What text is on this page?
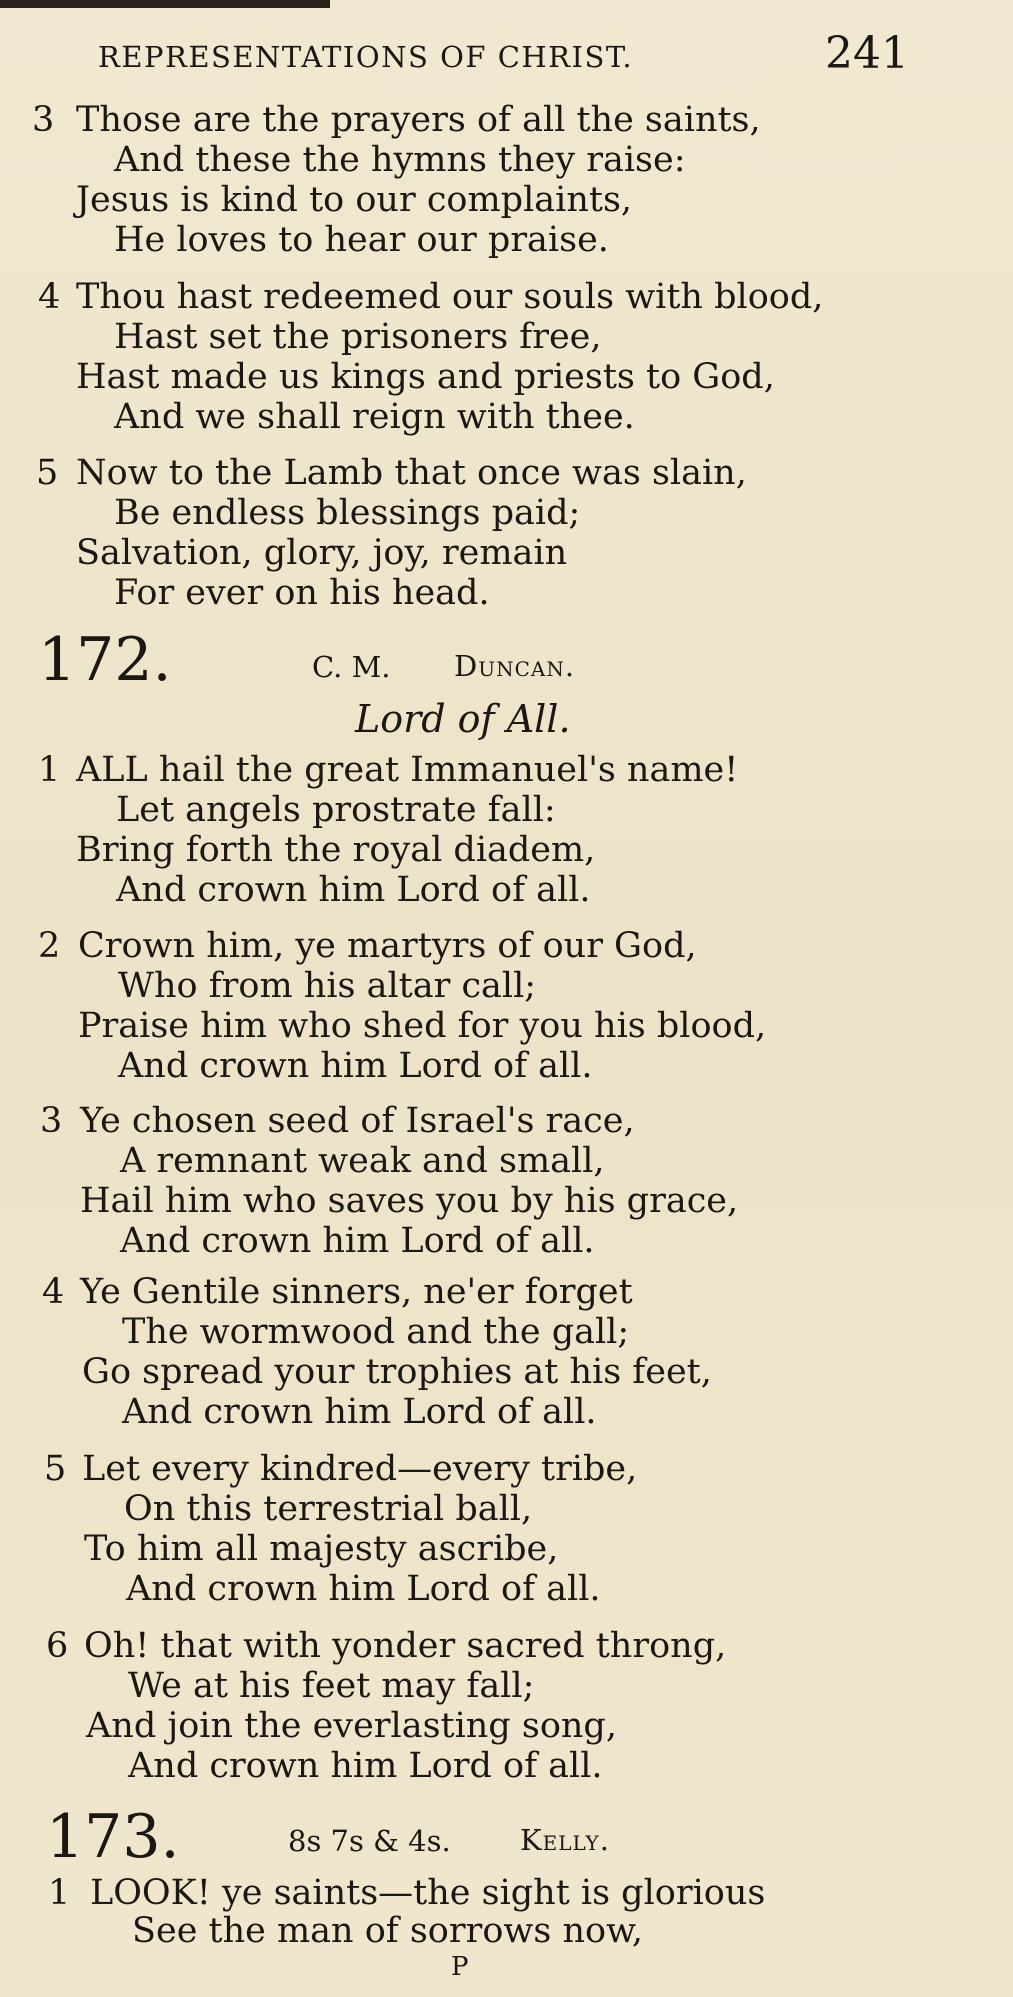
REPRESENTATIONS OF CHRIST.	241
3 Those are the prayers of all the saints,
And these the hymns they raise:
Jesus is kind to our complaints,
He loves to hear our praise.
4 Thou hast redeemed our souls with blood,
Hast set the prisoners free,
Hast made us kings and priests to God,
And we shall reign with thee.
5 Now to the Lamb that once was slain,
Be endless blessings paid;
Salvation, glory, joy, remain
For ever on his head.
172.	C. M. Duncan.
Lord of All.
1 ALL hail the great Immanuel's name!
Let angels prostrate fall:
Bring forth the royal diadem,
And crown him Lord of all.
2 Crown him, ye martyrs of our God,
Who from his altar call;
Praise him who shed for you his blood,
And crown him Lord of all.
3 Ye chosen seed of Israel's race,
A remnant weak and small,
Hail him who saves you by his grace,
And crown him Lord of all.
4 Ye Gentile sinners, ne'er forget
The wormwood and the gall;
Go spread your trophies at his feet,
And crown him Lord of all.
5 Let every kindred—every tribe,
On this terrestrial ball,
To him all majesty ascribe,
And crown him Lord of all.
6 Oh! that with yonder sacred throng,
We at his feet may fall;
And join the everlasting song,
And crown him Lord of all.
173.	8s 7s & 4s. Kelly.
1 LOOK! ye saints—the sight is glorious
See the man of sorrows now,
P
